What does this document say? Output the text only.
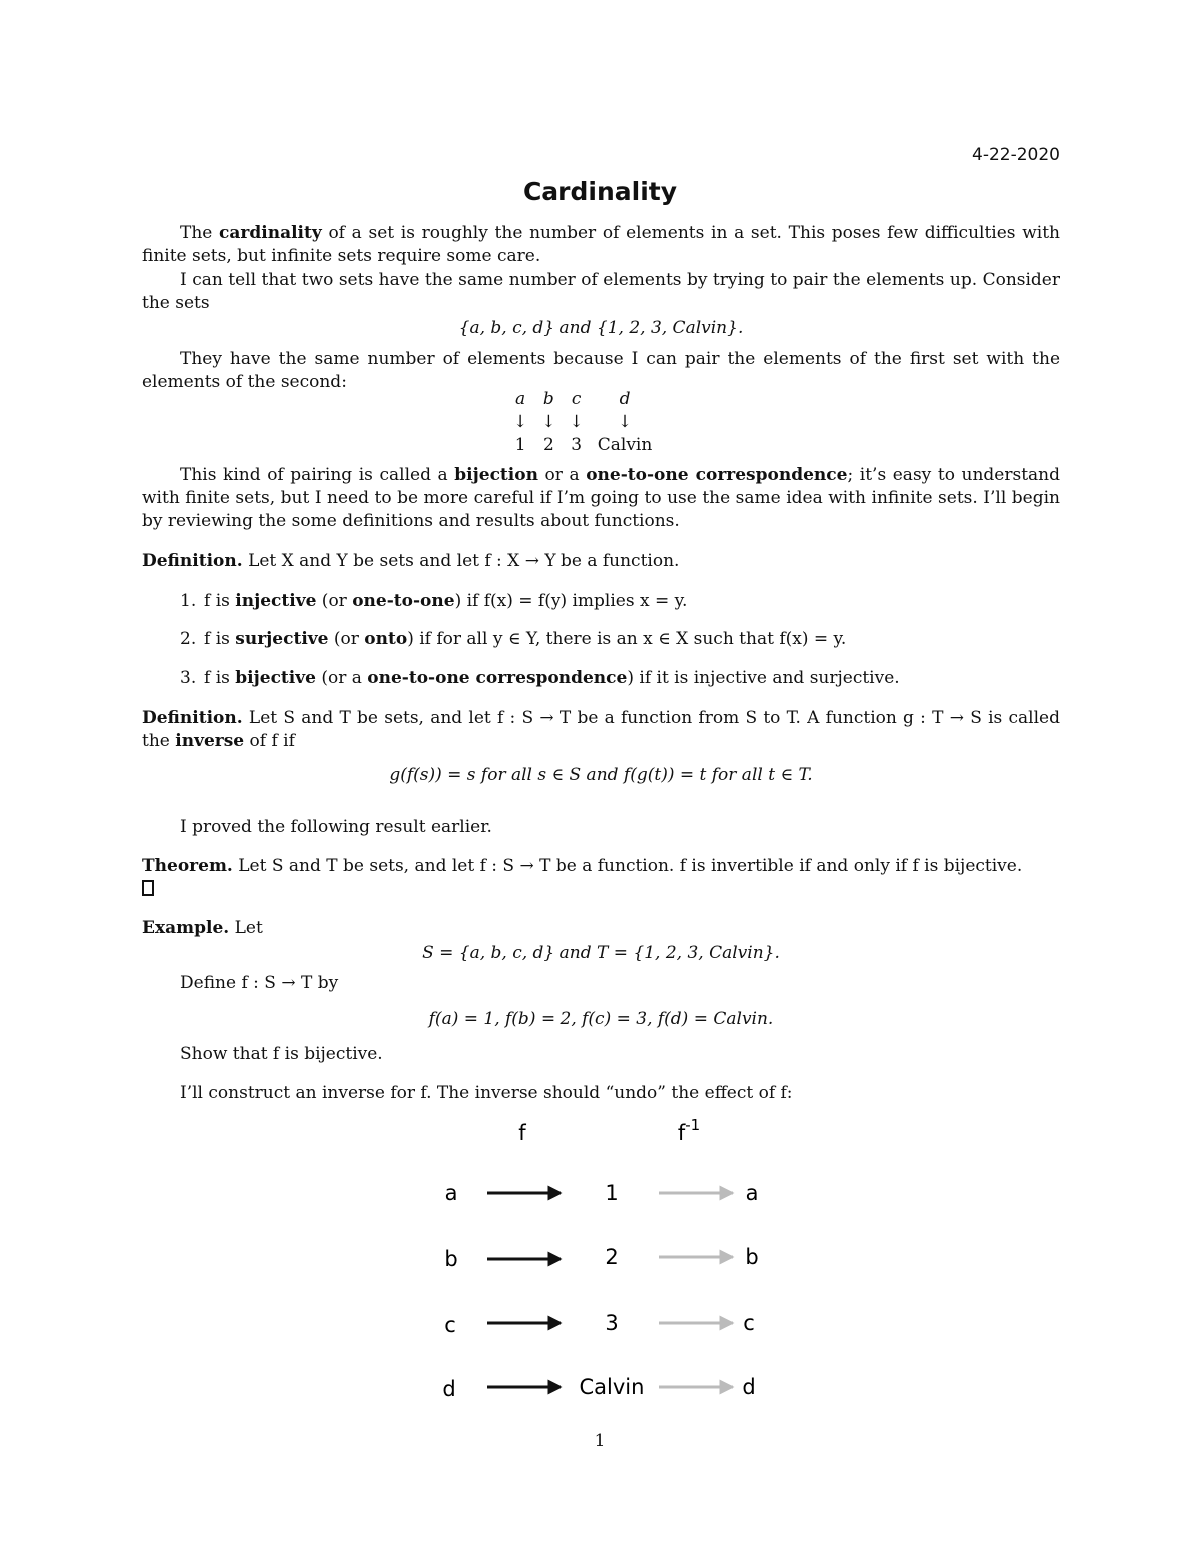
4-22-2020
Cardinality

The cardinality of a set is roughly the number of elements in a set. This poses few difficulties with finite sets, but infinite sets require some care.

I can tell that two sets have the same number of elements by trying to pair the elements up. Consider the sets

{a, b, c, d} and {1, 2, 3, Calvin}.

They have the same number of elements because I can pair the elements of the first set with the elements of the second:

a	b	c	d
↓	↓	↓	↓
1	2	3	Calvin

This kind of pairing is called a bijection or a one-to-one correspondence; it’s easy to understand with finite sets, but I need to be more careful if I’m going to use the same idea with infinite sets. I’ll begin by reviewing the some definitions and results about functions.

Definition. Let X and Y be sets and let f : X → Y be a function.

1. f is injective (or one-to-one) if f(x) = f(y) implies x = y.

2. f is surjective (or onto) if for all y ∈ Y, there is an x ∈ X such that f(x) = y.

3. f is bijective (or a one-to-one correspondence) if it is injective and surjective.

Definition. Let S and T be sets, and let f : S → T be a function from S to T. A function g : T → S is called the inverse of f if

g(f(s)) = s for all s ∈ S and f(g(t)) = t for all t ∈ T.

I proved the following result earlier.

Theorem. Let S and T be sets, and let f : S → T be a function. f is invertible if and only if f is bijective.

Example. Let

S = {a, b, c, d} and T = {1, 2, 3, Calvin}.

Define f : S → T by

f(a) = 1, f(b) = 2, f(c) = 3, f(d) = Calvin.

Show that f is bijective.

I’ll construct an inverse for f. The inverse should “undo” the effect of f:

f	$f^{-1}$
a	1	a
b	2	b
c	3	c
d	Calvin	d
1
